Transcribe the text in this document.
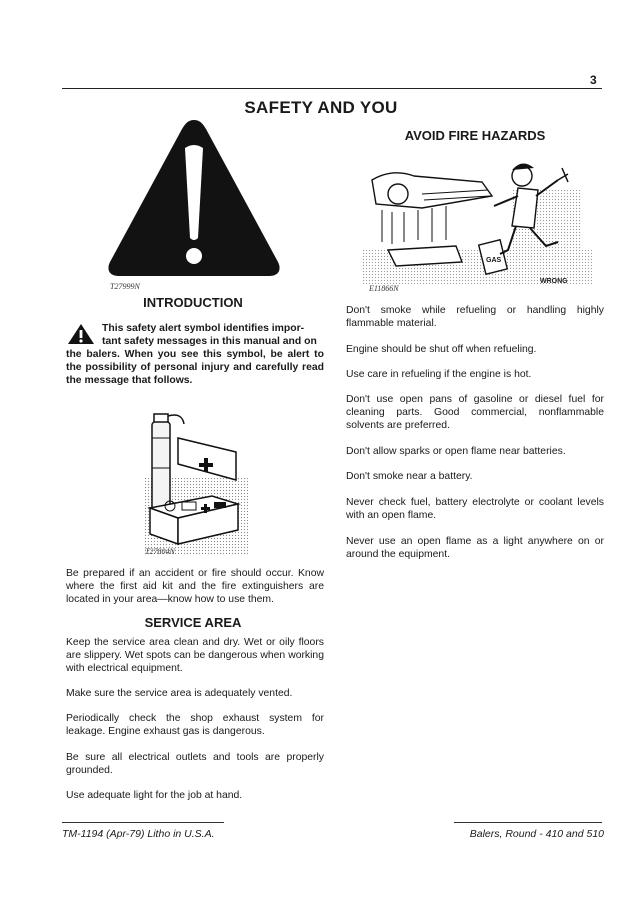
3
SAFETY AND YOU
T27999N
INTRODUCTION
This safety alert symbol identifies impor-
tant safety messages in this manual and on
the balers. When you see this symbol, be alert to the possibility of personal injury and carefully read the message that follows.
T27804N
Be prepared if an accident or fire should occur. Know where the first aid kit and the fire extinguishers are located in your area—know how to use them.
SERVICE AREA
Keep the service area clean and dry. Wet or oily floors are slippery. Wet spots can be dangerous when working with electrical equipment.
Make sure the service area is adequately vented.
Periodically check the shop exhaust system for leakage. Engine exhaust gas is dangerous.
Be sure all electrical outlets and tools are properly grounded.
Use adequate light for the job at hand.
AVOID FIRE HAZARDS
GAS
E11866N
WRONG
Don't smoke while refueling or handling highly flammable material.
Engine should be shut off when refueling.
Use care in refueling if the engine is hot.
Don't use open pans of gasoline or diesel fuel for cleaning parts. Good commercial, nonflammable solvents are preferred.
Don't allow sparks or open flame near batteries.
Don't smoke near a battery.
Never check fuel, battery electrolyte or coolant levels with an open flame.
Never use an open flame as a light anywhere on or around the equipment.
TM-1194 (Apr-79) Litho in U.S.A.	Balers, Round - 410 and 510
